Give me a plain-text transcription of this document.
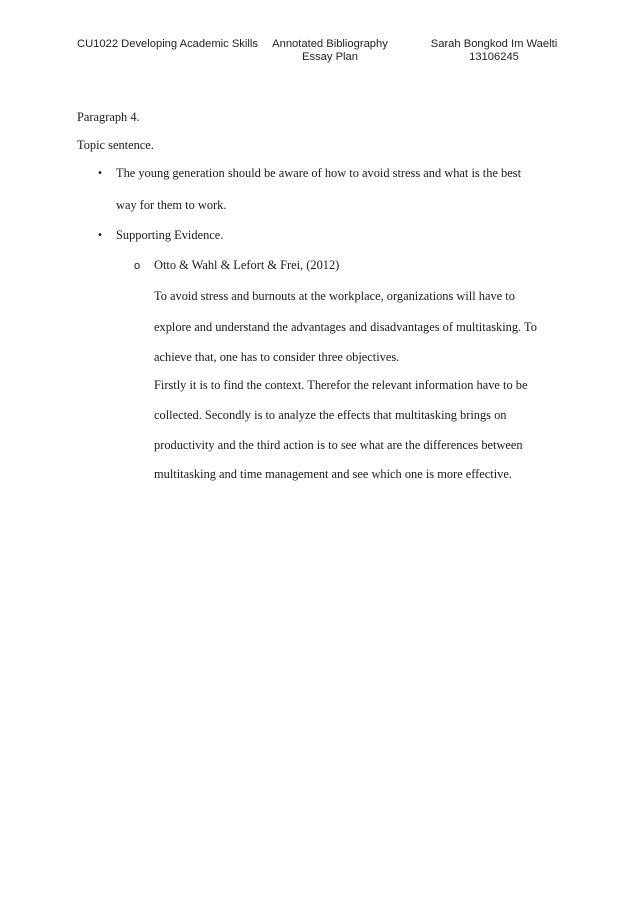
CU1022 Developing Academic Skills	Annotated Bibliography
Essay Plan
Sarah Bongkod Im Waelti
13106245
Paragraph 4.
Topic sentence.
• The young generation should be aware of how to avoid stress and what is the best
way for them to work.
• Supporting Evidence.
o Otto & Wahl & Lefort & Frei, (2012)
To avoid stress and burnouts at the workplace, organizations will have to
explore and understand the advantages and disadvantages of multitasking. To
achieve that, one has to consider three objectives.
Firstly it is to find the context. Therefor the relevant information have to be
collected. Secondly is to analyze the effects that multitasking brings on
productivity and the third action is to see what are the differences between
multitasking and time management and see which one is more effective.
